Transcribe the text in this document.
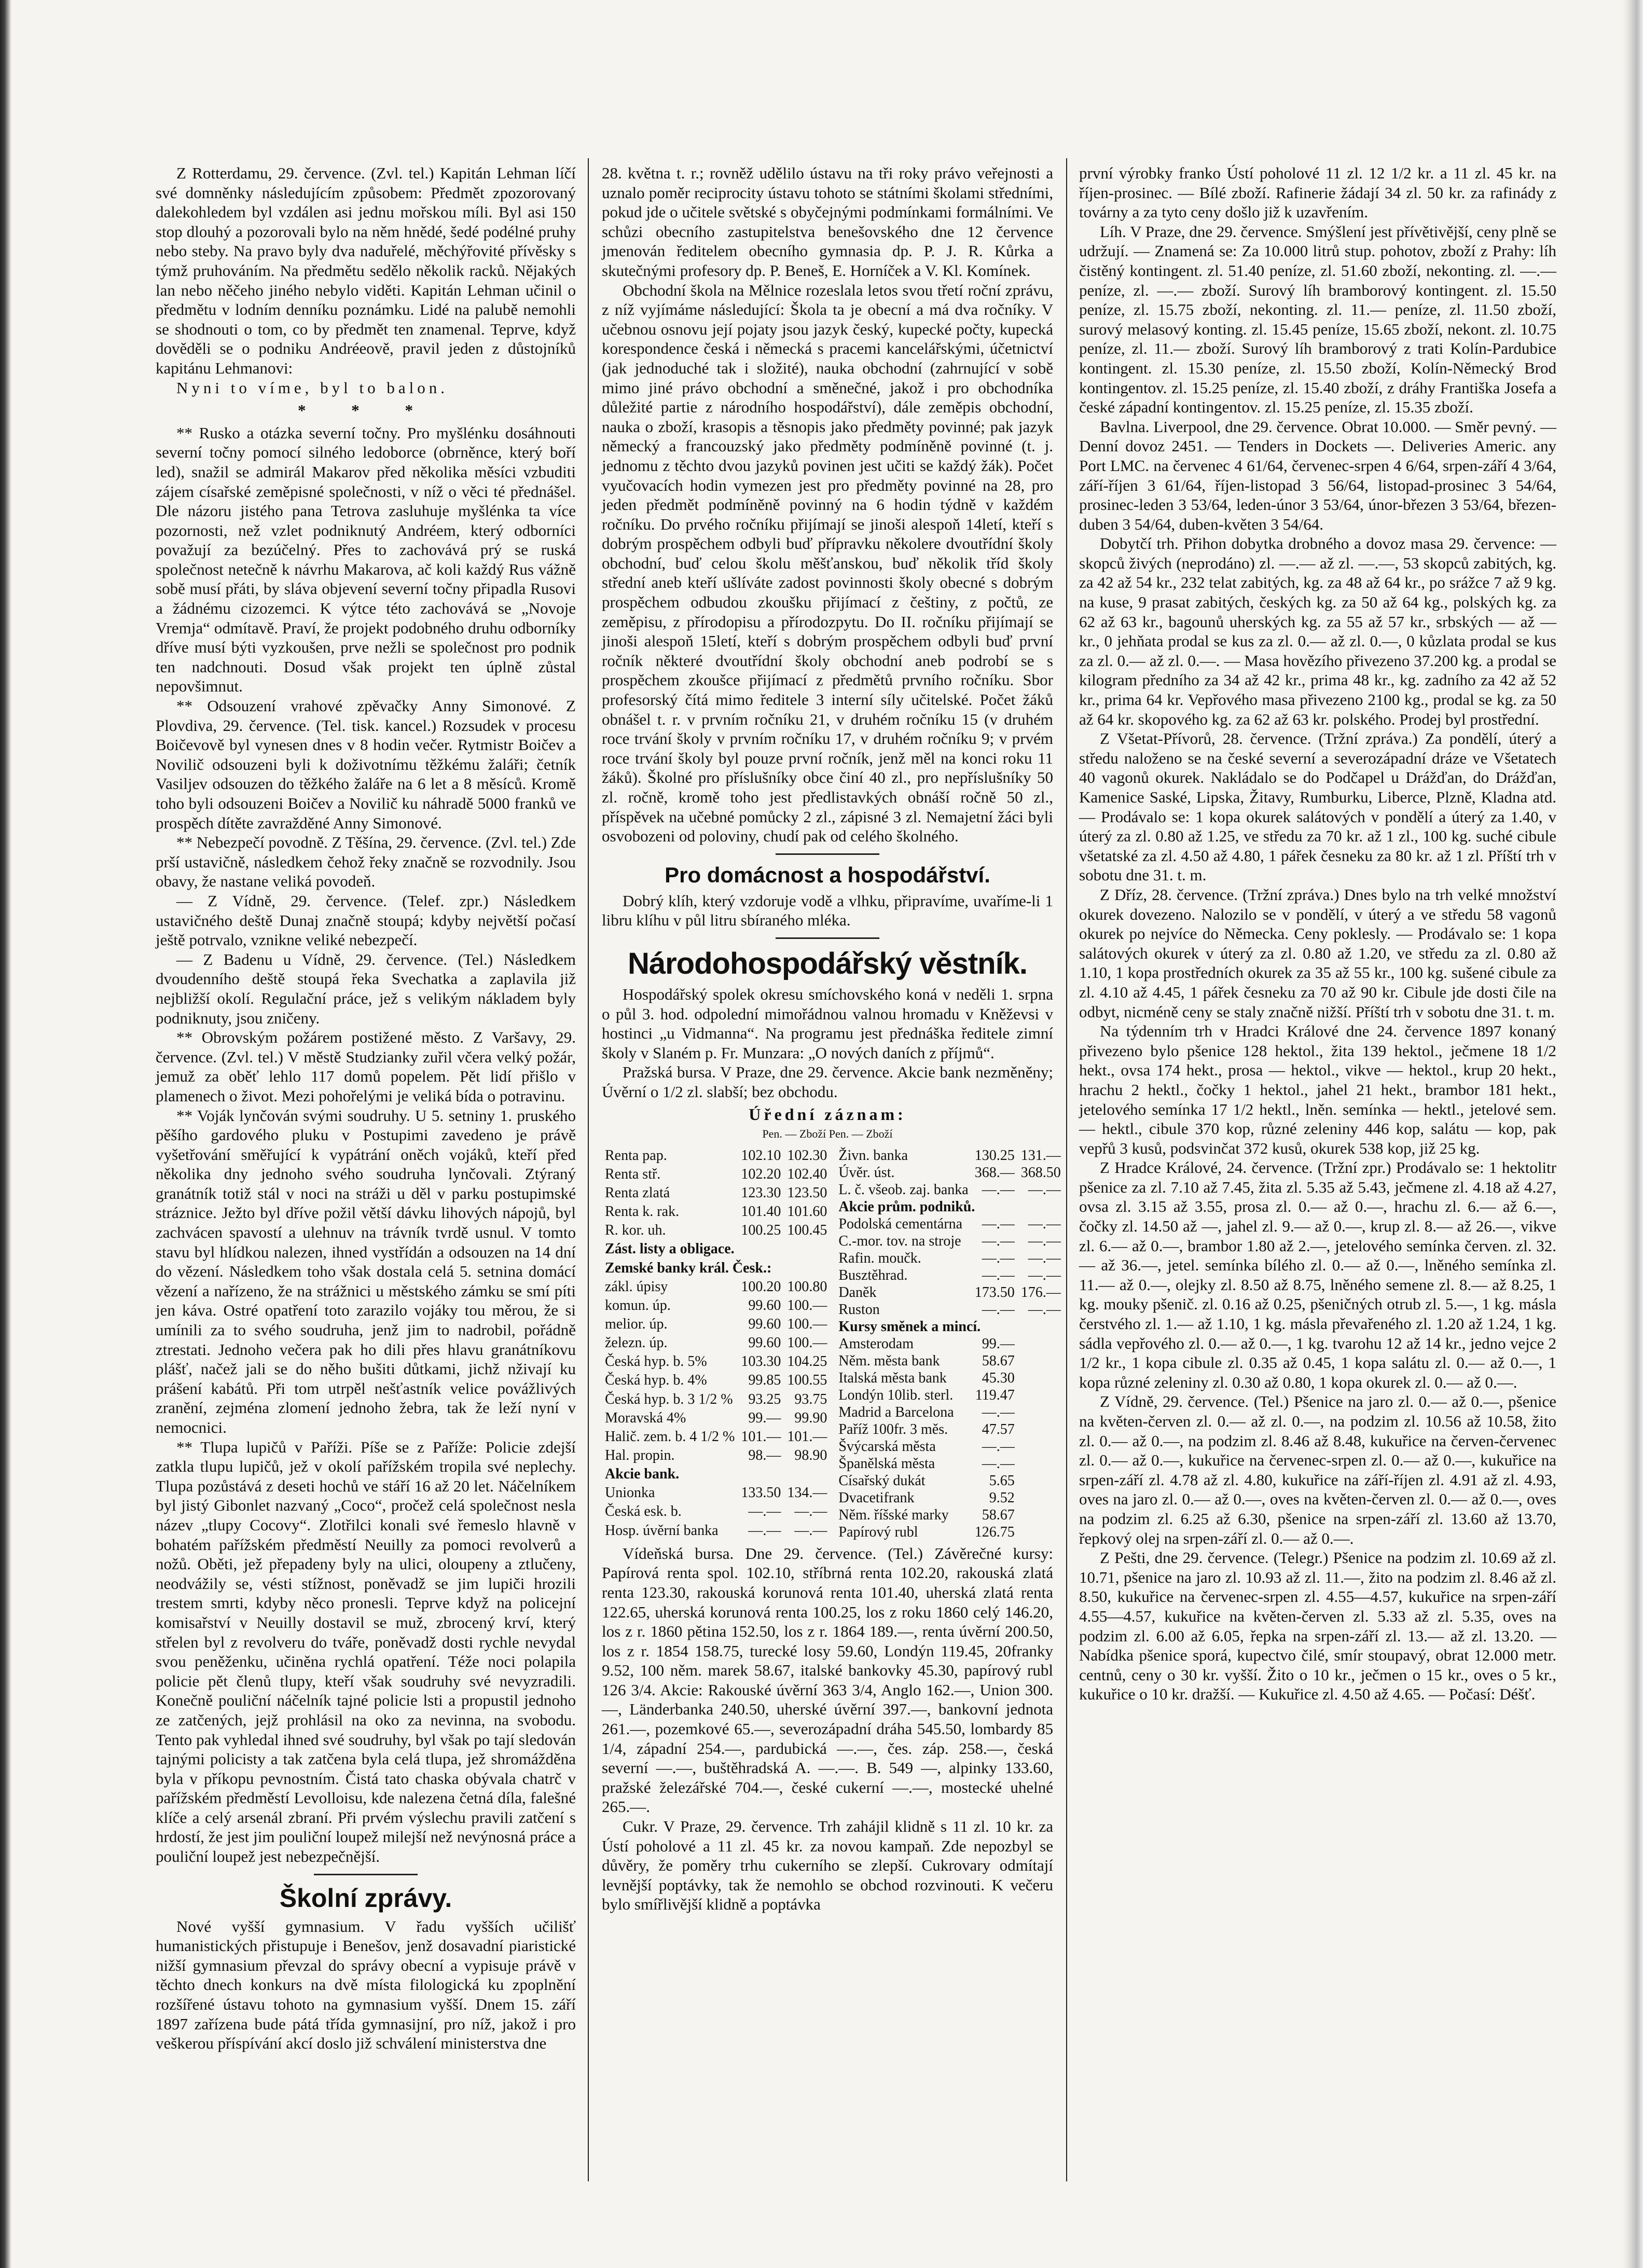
Z Rotterdamu, 29. července. (Zvl. tel.) Kapitán Lehman líčí své domněnky následujícím způsobem: Předmět zpozorovaný dalekohledem byl vzdálen asi jednu mořskou míli. Byl asi 150 stop dlouhý a pozorovali bylo na něm hnědé, šedé podélné pruhy nebo steby. Na pravo byly dva naduřelé, měchýřovité přívěsky s týmž pruhováním. Na předmětu sedělo několik racků. Nějakých lan nebo něčeho jiného nebylo viděti. Kapitán Lehman učinil o předmětu v lodním denníku poznámku. Lidé na palubě nemohli se shodnouti o tom, co by předmět ten znamenal. Teprve, když dověděli se o podniku Andréeově, pravil jeden z důstojníků kapitánu Lehmanovi:

Nyni to víme, byl to balon.

* * *

** Rusko a otázka severní točny. Pro myšlénku dosáhnouti severní točny pomocí silného ledoborce (obrněnce, který boří led), snažil se admirál Makarov před několika měsíci vzbuditi zájem císařské zeměpisné společnosti, v níž o věci té přednášel. Dle názoru jistého pana Tetrova zasluhuje myšlénka ta více pozornosti, než vzlet podniknutý Andréem, který odborníci považují za bezúčelný. Přes to zachovává prý se ruská společnost netečně k návrhu Makarova, ač koli každý Rus vážně sobě musí přáti, by sláva objevení severní točny připadla Rusovi a žádnému cizozemci. K výtce této zachovává se „Novoje Vremja“ odmítavě. Praví, že projekt podobného druhu odborníky dříve musí býti vyzkoušen, prve nežli se společnost pro podnik ten nadchnouti. Dosud však projekt ten úplně zůstal nepovšimnut.

** Odsouzení vrahové zpěvačky Anny Simonové. Z Plovdiva, 29. července. (Tel. tisk. kancel.) Rozsudek v procesu Boičevově byl vynesen dnes v 8 hodin večer. Rytmistr Boičev a Novilič odsouzeni byli k doživotnímu těžkému žaláři; četník Vasiljev odsouzen do těžkého žaláře na 6 let a 8 měsíců. Kromě toho byli odsouzeni Boičev a Novilič ku náhradě 5000 franků ve prospěch dítěte zavražděné Anny Simonové.

** Nebezpečí povodně. Z Těšína, 29. července. (Zvl. tel.) Zde prší ustavičně, následkem čehož řeky značně se rozvodnily. Jsou obavy, že nastane veliká povodeň.

— Z Vídně, 29. července. (Telef. zpr.) Následkem ustavičného deště Dunaj značně stoupá; kdyby největší počasí ještě potrvalo, vznikne veliké nebezpečí.

— Z Badenu u Vídně, 29. července. (Tel.) Následkem dvoudenního deště stoupá řeka Svechatka a zaplavila již nejbližší okolí. Regulační práce, jež s velikým nákladem byly podniknuty, jsou zničeny.

** Obrovským požárem postižené město. Z Varšavy, 29. července. (Zvl. tel.) V městě Studzianky zuřil včera velký požár, jemuž za oběť lehlo 117 domů popelem. Pět lidí přišlo v plamenech o život. Mezi pohořelými je veliká bída o potravinu.

** Voják lynčován svými soudruhy. U 5. setniny 1. pruského pěšího gardového pluku v Postupimi zavedeno je právě vyšetřování směřující k vypátrání oněch vojáků, kteří před několika dny jednoho svého soudruha lynčovali. Ztýraný granátník totiž stál v noci na stráži u děl v parku postupimské stráznice. Ježto byl dříve požil větší dávku lihových nápojů, byl zachvácen spavostí a ulehnuv na trávník tvrdě usnul. V tomto stavu byl hlídkou nalezen, ihned vystřídán a odsouzen na 14 dní do vězení. Následkem toho však dostala celá 5. setnina domácí vězení a nařízeno, že na strážnici u městského zámku se smí píti jen káva. Ostré opatření toto zarazilo vojáky tou měrou, že si umínili za to svého soudruha, jenž jim to nadrobil, pořádně ztrestati. Jednoho večera pak ho dili přes hlavu granátníkovu plášť, načež jali se do něho bušiti důtkami, jichž nživají ku prášení kabátů. Při tom utrpěl nešťastník velice povážlivých zranění, zejména zlomení jednoho žebra, tak že leží nyní v nemocnici.

** Tlupa lupičů v Paříži. Píše se z Paříže: Policie zdejší zatkla tlupu lupičů, jež v okolí pařížském tropila své neplechy. Tlupa pozůstává z deseti hochů ve stáří 16 až 20 let. Náčelníkem byl jistý Gibonlet nazvaný „Coco“, pročež celá společnost nesla název „tlupy Cocovy“. Zlotřilci konali své řemeslo hlavně v bohatém pařížském předměstí Neuilly za pomoci revolverů a nožů. Oběti, jež přepadeny byly na ulici, oloupeny a ztlučeny, neodvážily se, vésti stížnost, poněvadž se jim lupiči hrozili trestem smrti, kdyby něco pronesli. Teprve když na policejní komisařství v Neuilly dostavil se muž, zbrocený krví, který střelen byl z revolveru do tváře, poněvadž dosti rychle nevydal svou peněženku, učiněna rychlá opatření. Téže noci polapila policie pět členů tlupy, kteří však soudruhy své nevyzradili. Konečně pouliční náčelník tajné policie lsti a propustil jednoho ze zatčených, jejž prohlásil na oko za nevinna, na svobodu. Tento pak vyhledal ihned své soudruhy, byl však po tají sledován tajnými policisty a tak zatčena byla celá tlupa, jež shromážděna byla v příkopu pevnostním. Čistá tato chaska obývala chatrč v pařížském předměstí Levolloisu, kde nalezena četná díla, falešné klíče a celý arsenál zbraní. Při prvém výslechu pravili zatčení s hrdostí, že jest jim pouliční loupež milejší než nevýnosná práce a pouliční loupež jest nebezpečnější.

Školní zprávy.

Nové vyšší gymnasium. V řadu vyšších učilišť humanistických přistupuje i Benešov, jenž dosavadní piaristické nižší gymnasium převzal do správy obecní a vypisuje právě v těchto dnech konkurs na dvě místa filologická ku zpoplnění rozšířené ústavu tohoto na gymnasium vyšší. Dnem 15. září 1897 zařízena bude pátá třída gymnasijní, pro níž, jakož i pro veškerou příspívání akcí doslo již schválení ministerstva dne

28. května t. r.; rovněž udělilo ústavu na tři roky právo veřejnosti a uznalo poměr reciprocity ústavu tohoto se státními školami středními, pokud jde o učitele světské s obyčejnými podmínkami formálními. Ve schůzi obecního zastupitelstva benešovského dne 12 července jmenován ředitelem obecního gymnasia dp. P. J. R. Kůrka a skutečnými profesory dp. P. Beneš, E. Horníček a V. Kl. Komínek.

Obchodní škola na Mělnice rozeslala letos svou třetí roční zprávu, z níž vyjímáme následující: Škola ta je obecní a má dva ročníky. V učebnou osnovu její pojaty jsou jazyk český, kupecké počty, kupecká korespondence česká i německá s pracemi kancelářskými, účetnictví (jak jednoduché tak i složité), nauka obchodní (zahrnující v sobě mimo jiné právo obchodní a směnečné, jakož i pro obchodníka důležité partie z národního hospodářství), dále zeměpis obchodní, nauka o zboží, krasopis a těsnopis jako předměty povinné; pak jazyk německý a francouzský jako předměty podmíněně povinné (t. j. jednomu z těchto dvou jazyků povinen jest učiti se každý žák). Počet vyučovacích hodin vymezen jest pro předměty povinné na 28, pro jeden předmět podmíněně povinný na 6 hodin týdně v každém ročníku. Do prvého ročníku přijímají se jinoši alespoň 14letí, kteří s dobrým prospěchem odbyli buď přípravku několere dvoutřídní školy obchodní, buď celou školu měšťanskou, buď několik tříd školy střední aneb kteří ušlíváte zadost povinnosti školy obecné s dobrým prospěchem odbudou zkoušku přijímací z češtiny, z počtů, ze zeměpisu, z přírodopisu a přírodozpytu. Do II. ročníku přijímají se jinoši alespoň 15letí, kteří s dobrým prospěchem odbyli buď první ročník některé dvoutřídní školy obchodní aneb podrobí se s prospěchem zkoušce přijímací z předmětů prvního ročníku. Sbor profesorský čítá mimo ředitele 3 interní síly učitelské. Počet žáků obnášel t. r. v prvním ročníku 21, v druhém ročníku 15 (v druhém roce trvání školy v prvním ročníku 17, v druhém ročníku 9; v prvém roce trvání školy byl pouze první ročník, jenž měl na konci roku 11 žáků). Školné pro příslušníky obce činí 40 zl., pro nepříslušníky 50 zl. ročně, kromě toho jest předlistavkých obnáší ročně 50 zl., příspěvek na učebné pomůcky 2 zl., zápisné 3 zl. Nemajetní žáci byli osvobozeni od poloviny, chudí pak od celého školného.

Pro domácnost a hospodářství.

Dobrý klíh, který vzdoruje vodě a vlhku, připravíme, uvaříme-li 1 libru klíhu v půl litru sbíraného mléka.

Národohospodářský věstník.

Hospodářský spolek okresu smíchovského koná v neděli 1. srpna o půl 3. hod. odpolední mimořádnou valnou hromadu v Kněževsi v hostinci „u Vidmanna“. Na programu jest přednáška ředitele zimní školy v Slaném p. Fr. Munzara: „O nových daních z příjmů“.

Pražská bursa. V Praze, dne 29. července. Akcie bank nezměněny; Úvěrní o 1/2 zl. slabší; bez obchodu.

Úřední záznam:
Pen. — Zboží Pen. — Zboží
Renta pap.	102.10	102.30
Renta stř.	102.20	102.40
Renta zlatá	123.30	123.50
Renta k. rak.	101.40	101.60
R. kor. uh.	100.25	100.45
Zást. listy a obligace.		
Zemské banky král. Česk.:		
zákl. úpisy	100.20	100.80
komun. úp.	99.60	100.—
melior. úp.	99.60	100.—
železn. úp.	99.60	100.—
Česká hyp. b. 5%	103.30	104.25
Česká hyp. b. 4%	99.85	100.55
Česká hyp. b. 3 1/2 %	93.25	93.75
Moravská 4%	99.—	99.90
Halič. zem. b. 4 1/2 %	101.—	101.—
Hal. propin.	98.—	98.90
Akcie bank.		
Unionka	133.50	134.—
Česká esk. b.	—.—	—.—
Hosp. úvěrní banka	—.—	—.—
Živn. banka	130.25	131.—
Úvěr. úst.	368.—	368.50
L. č. všeob. zaj. banka	—.—	—.—
Akcie prům. podniků.		
Podolská cementárna	—.—	—.—
C.-mor. tov. na stroje	—.—	—.—
Rafin. moučk.	—.—	—.—
Busztěhrad.	—.—	—.—
Daněk	173.50	176.—
Ruston	—.—	—.—
Kursy směnek a mincí.		
Amsterodam	99.—	
Něm. města bank	58.67	
Italská města bank	45.30	
Londýn 10lib. sterl.	119.47	
Madrid a Barcelona	—.—	
Paříž 100fr. 3 měs.	47.57	
Švýcarská města	—.—	
Španělská města	—.—	
Císařský dukát	5.65	
Dvacetifrank	9.52	
Něm. říšské marky	58.67	
Papírový rubl	126.75	

Vídeňská bursa. Dne 29. července. (Tel.) Závěrečné kursy: Papírová renta spol. 102.10, stříbrná renta 102.20, rakouská zlatá renta 123.30, rakouská korunová renta 101.40, uherská zlatá renta 122.65, uherská korunová renta 100.25, los z roku 1860 celý 146.20, los z r. 1860 pětina 152.50, los z r. 1864 189.—, renta úvěrní 200.50, los z r. 1854 158.75, turecké losy 59.60, Londýn 119.45, 20franky 9.52, 100 něm. marek 58.67, italské bankovky 45.30, papírový rubl 126 3/4. Akcie: Rakouské úvěrní 363 3/4, Anglo 162.—, Union 300.—, Länderbanka 240.50, uherské úvěrní 397.—, bankovní jednota 261.—, pozemkové 65.—, severozápadní dráha 545.50, lombardy 85 1/4, západní 254.—, pardubická —.—, čes. záp. 258.—, česká severní —.—, buštěhradská A. —.—. B. 549 —, alpinky 133.60, pražské železářské 704.—, české cukerní —.—, mostecké uhelné 265.—.

Cukr. V Praze, 29. července. Trh zahájil klidně s 11 zl. 10 kr. za Ústí poholové a 11 zl. 45 kr. za novou kampaň. Zde nepozbyl se důvěry, že poměry trhu cukerního se zlepší. Cukrovary odmítají levnější poptávky, tak že nemohlo se obchod rozvinouti. K večeru bylo smířlivější klidně a poptávka

první výrobky franko Ústí poholové 11 zl. 12 1/2 kr. a 11 zl. 45 kr. na říjen-prosinec. — Bílé zboží. Rafinerie žádají 34 zl. 50 kr. za rafinády z továrny a za tyto ceny došlo již k uzavřením.

Líh. V Praze, dne 29. července. Smýšlení jest přívětivější, ceny plně se udržují. — Znamená se: Za 10.000 litrů stup. pohotov, zboží z Prahy: líh čistěný kontingent. zl. 51.40 peníze, zl. 51.60 zboží, nekonting. zl. —.— peníze, zl. —.— zboží. Surový líh bramborový kontingent. zl. 15.50 peníze, zl. 15.75 zboží, nekonting. zl. 11.— peníze, zl. 11.50 zboží, surový melasový konting. zl. 15.45 peníze, 15.65 zboží, nekont. zl. 10.75 peníze, zl. 11.— zboží. Surový líh bramborový z trati Kolín-Pardubice kontingent. zl. 15.30 peníze, zl. 15.50 zboží, Kolín-Německý Brod kontingentov. zl. 15.25 peníze, zl. 15.40 zboží, z dráhy Františka Josefa a české západní kontingentov. zl. 15.25 peníze, zl. 15.35 zboží.

Bavlna. Liverpool, dne 29. července. Obrat 10.000. — Směr pevný. — Denní dovoz 2451. — Tenders in Dockets —. Deliveries Americ. any Port LMC. na červenec 4 61/64, červenec-srpen 4 6/64, srpen-září 4 3/64, září-říjen 3 61/64, říjen-listopad 3 56/64, listopad-prosinec 3 54/64, prosinec-leden 3 53/64, leden-únor 3 53/64, únor-březen 3 53/64, březen-duben 3 54/64, duben-květen 3 54/64.

Dobytčí trh. Přihon dobytka drobného a dovoz masa 29. července: — skopců živých (neprodáno) zl. —.— až zl. —.—, 53 skopců zabitých, kg. za 42 až 54 kr., 232 telat zabitých, kg. za 48 až 64 kr., po srážce 7 až 9 kg. na kuse, 9 prasat zabitých, českých kg. za 50 až 64 kg., polských kg. za 62 až 63 kr., bagounů uherských kg. za 55 až 57 kr., srbských — až — kr., 0 jehňata prodal se kus za zl. 0.— až zl. 0.—, 0 kůzlata prodal se kus za zl. 0.— až zl. 0.—. — Masa hovězího přivezeno 37.200 kg. a prodal se kilogram předního za 34 až 42 kr., prima 48 kr., kg. zadního za 42 až 52 kr., prima 64 kr. Vepřového masa přivezeno 2100 kg., prodal se kg. za 50 až 64 kr. skopového kg. za 62 až 63 kr. polského. Prodej byl prostřední.

Z Všetat-Přívorů, 28. července. (Tržní zpráva.) Za pondělí, úterý a středu naloženo se na české severní a severozápadní dráze ve Všetatech 40 vagonů okurek. Nakládalo se do Podčapel u Drážďan, do Drážďan, Kamenice Saské, Lipska, Žitavy, Rumburku, Liberce, Plzně, Kladna atd. — Prodávalo se: 1 kopa okurek salátových v pondělí a úterý za 1.40, v úterý za zl. 0.80 až 1.25, ve středu za 70 kr. až 1 zl., 100 kg. suché cibule všetatské za zl. 4.50 až 4.80, 1 pářek česneku za 80 kr. až 1 zl. Příští trh v sobotu dne 31. t. m.

Z Dříz, 28. července. (Tržní zpráva.) Dnes bylo na trh velké množství okurek dovezeno. Nalozilo se v pondělí, v úterý a ve středu 58 vagonů okurek po nejvíce do Německa. Ceny poklesly. — Prodávalo se: 1 kopa salátových okurek v úterý za zl. 0.80 až 1.20, ve středu za zl. 0.80 až 1.10, 1 kopa prostředních okurek za 35 až 55 kr., 100 kg. sušené cibule za zl. 4.10 až 4.45, 1 pářek česneku za 70 až 90 kr. Cibule jde dosti čile na odbyt, nicméně ceny se staly značně nižší. Příští trh v sobotu dne 31. t. m.

Na týdenním trh v Hradci Králové dne 24. července 1897 konaný přivezeno bylo pšenice 128 hektol., žita 139 hektol., ječmene 18 1/2 hekt., ovsa 174 hekt., prosa — hektol., vikve — hektol., krup 20 hekt., hrachu 2 hektl., čočky 1 hektol., jahel 21 hekt., brambor 181 hekt., jetelového semínka 17 1/2 hektl., lněn. semínka — hektl., jetelové sem. — hektl., cibule 370 kop, různé zeleniny 446 kop, salátu — kop, pak vepřů 3 kusů, podsvinčat 372 kusů, okurek 538 kop, již 25 kg.

Z Hradce Králové, 24. července. (Tržní zpr.) Prodávalo se: 1 hektolitr pšenice za zl. 7.10 až 7.45, žita zl. 5.35 až 5.43, ječmene zl. 4.18 až 4.27, ovsa zl. 3.15 až 3.55, prosa zl. 0.— až 0.—, hrachu zl. 6.— až 6.—, čočky zl. 14.50 až —, jahel zl. 9.— až 0.—, krup zl. 8.— až 26.—, vikve zl. 6.— až 0.—, brambor 1.80 až 2.—, jetelového semínka červen. zl. 32.— až 36.—, jetel. semínka bílého zl. 0.— až 0.—, lněného semínka zl. 11.— až 0.—, olejky zl. 8.50 až 8.75, lněného semene zl. 8.— až 8.25, 1 kg. mouky pšenič. zl. 0.16 až 0.25, pšeničných otrub zl. 5.—, 1 kg. másla čerstvého zl. 1.— až 1.10, 1 kg. másla převařeného zl. 1.20 až 1.24, 1 kg. sádla vepřového zl. 0.— až 0.—, 1 kg. tvarohu 12 až 14 kr., jedno vejce 2 1/2 kr., 1 kopa cibule zl. 0.35 až 0.45, 1 kopa salátu zl. 0.— až 0.—, 1 kopa různé zeleniny zl. 0.30 až 0.80, 1 kopa okurek zl. 0.— až 0.—.

Z Vídně, 29. července. (Tel.) Pšenice na jaro zl. 0.— až 0.—, pšenice na květen-červen zl. 0.— až zl. 0.—, na podzim zl. 10.56 až 10.58, žito zl. 0.— až 0.—, na podzim zl. 8.46 až 8.48, kukuřice na červen-červenec zl. 0.— až 0.—, kukuřice na červenec-srpen zl. 0.— až 0.—, kukuřice na srpen-září zl. 4.78 až zl. 4.80, kukuřice na září-říjen zl. 4.91 až zl. 4.93, oves na jaro zl. 0.— až 0.—, oves na květen-červen zl. 0.— až 0.—, oves na podzim zl. 6.25 až 6.30, pšenice na srpen-září zl. 13.60 až 13.70, řepkový olej na srpen-září zl. 0.— až 0.—.

Z Pešti, dne 29. července. (Telegr.) Pšenice na podzim zl. 10.69 až zl. 10.71, pšenice na jaro zl. 10.93 až zl. 11.—, žito na podzim zl. 8.46 až zl. 8.50, kukuřice na červenec-srpen zl. 4.55—4.57, kukuřice na srpen-září 4.55—4.57, kukuřice na květen-červen zl. 5.33 až zl. 5.35, oves na podzim zl. 6.00 až 6.05, řepka na srpen-září zl. 13.— až zl. 13.20. — Nabídka pšenice sporá, kupectvo čilé, smír stoupavý, obrat 12.000 metr. centnů, ceny o 30 kr. vyšší. Žito o 10 kr., ječmen o 15 kr., oves o 5 kr., kukuřice o 10 kr. dražší. — Kukuřice zl. 4.50 až 4.65. — Počasí: Déšť.
